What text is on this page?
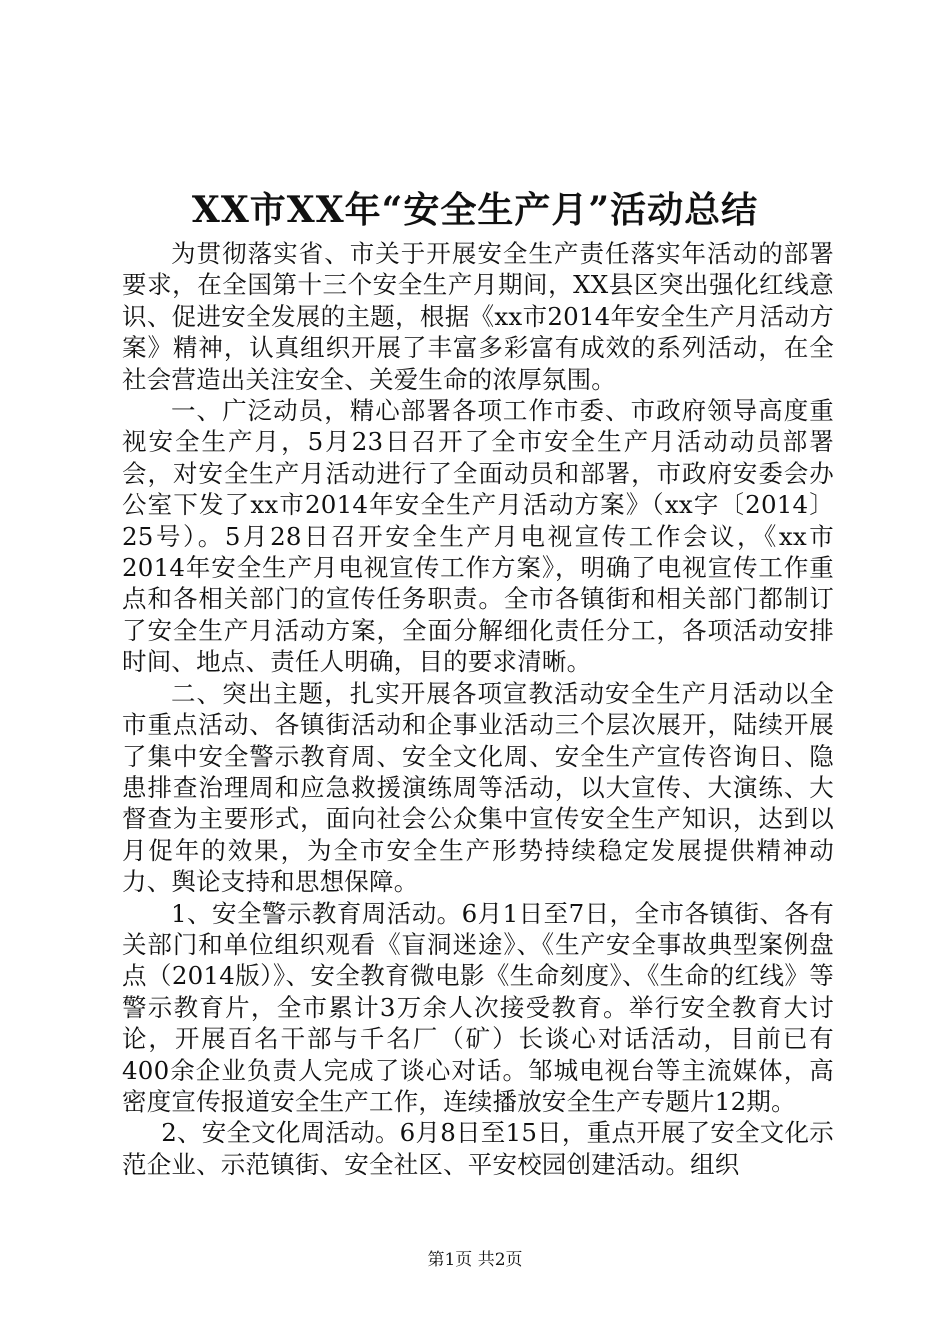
XX市XX年“安全生产月”活动总结

为贯彻落实省、市关于开展安全生产责任落实年活动的部署要求，在全国第十三个安全生产月期间，XX县区突出强化红线意识、促进安全发展的主题，根据《xx市2014年安全生产月活动方案》精神，认真组织开展了丰富多彩富有成效的系列活动，在全社会营造出关注安全、关爱生命的浓厚氛围。

一、广泛动员，精心部署各项工作市委、市政府领导高度重视安全生产月，5月23日召开了全市安全生产月活动动员部署会，对安全生产月活动进行了全面动员和部署，市政府安委会办公室下发了xx市2014年安全生产月活动方案》（xx字〔2014〕25号）。5月28日召开安全生产月电视宣传工作会议，《xx市2014年安全生产月电视宣传工作方案》，明确了电视宣传工作重点和各相关部门的宣传任务职责。全市各镇街和相关部门都制订了安全生产月活动方案，全面分解细化责任分工，各项活动安排时间、地点、责任人明确，目的要求清晰。

二、突出主题，扎实开展各项宣教活动安全生产月活动以全市重点活动、各镇街活动和企事业活动三个层次展开，陆续开展了集中安全警示教育周、安全文化周、安全生产宣传咨询日、隐患排查治理周和应急救援演练周等活动，以大宣传、大演练、大督查为主要形式，面向社会公众集中宣传安全生产知识，达到以月促年的效果，为全市安全生产形势持续稳定发展提供精神动力、舆论支持和思想保障。

1、安全警示教育周活动。6月1日至7日，全市各镇街、各有关部门和单位组织观看《盲洞迷途》、《生产安全事故典型案例盘点（2014版）》、安全教育微电影《生命刻度》、《生命的红线》等警示教育片，全市累计3万余人次接受教育。举行安全教育大讨论，开展百名干部与千名厂（矿）长谈心对话活动，目前已有400余企业负责人完成了谈心对话。邹城电视台等主流媒体，高密度宣传报道安全生产工作，连续播放安全生产专题片12期。

2、安全文化周活动。6月8日至15日，重点开展了安全文化示范企业、示范镇街、安全社区、平安校园创建活动。组织

第1页 共2页
